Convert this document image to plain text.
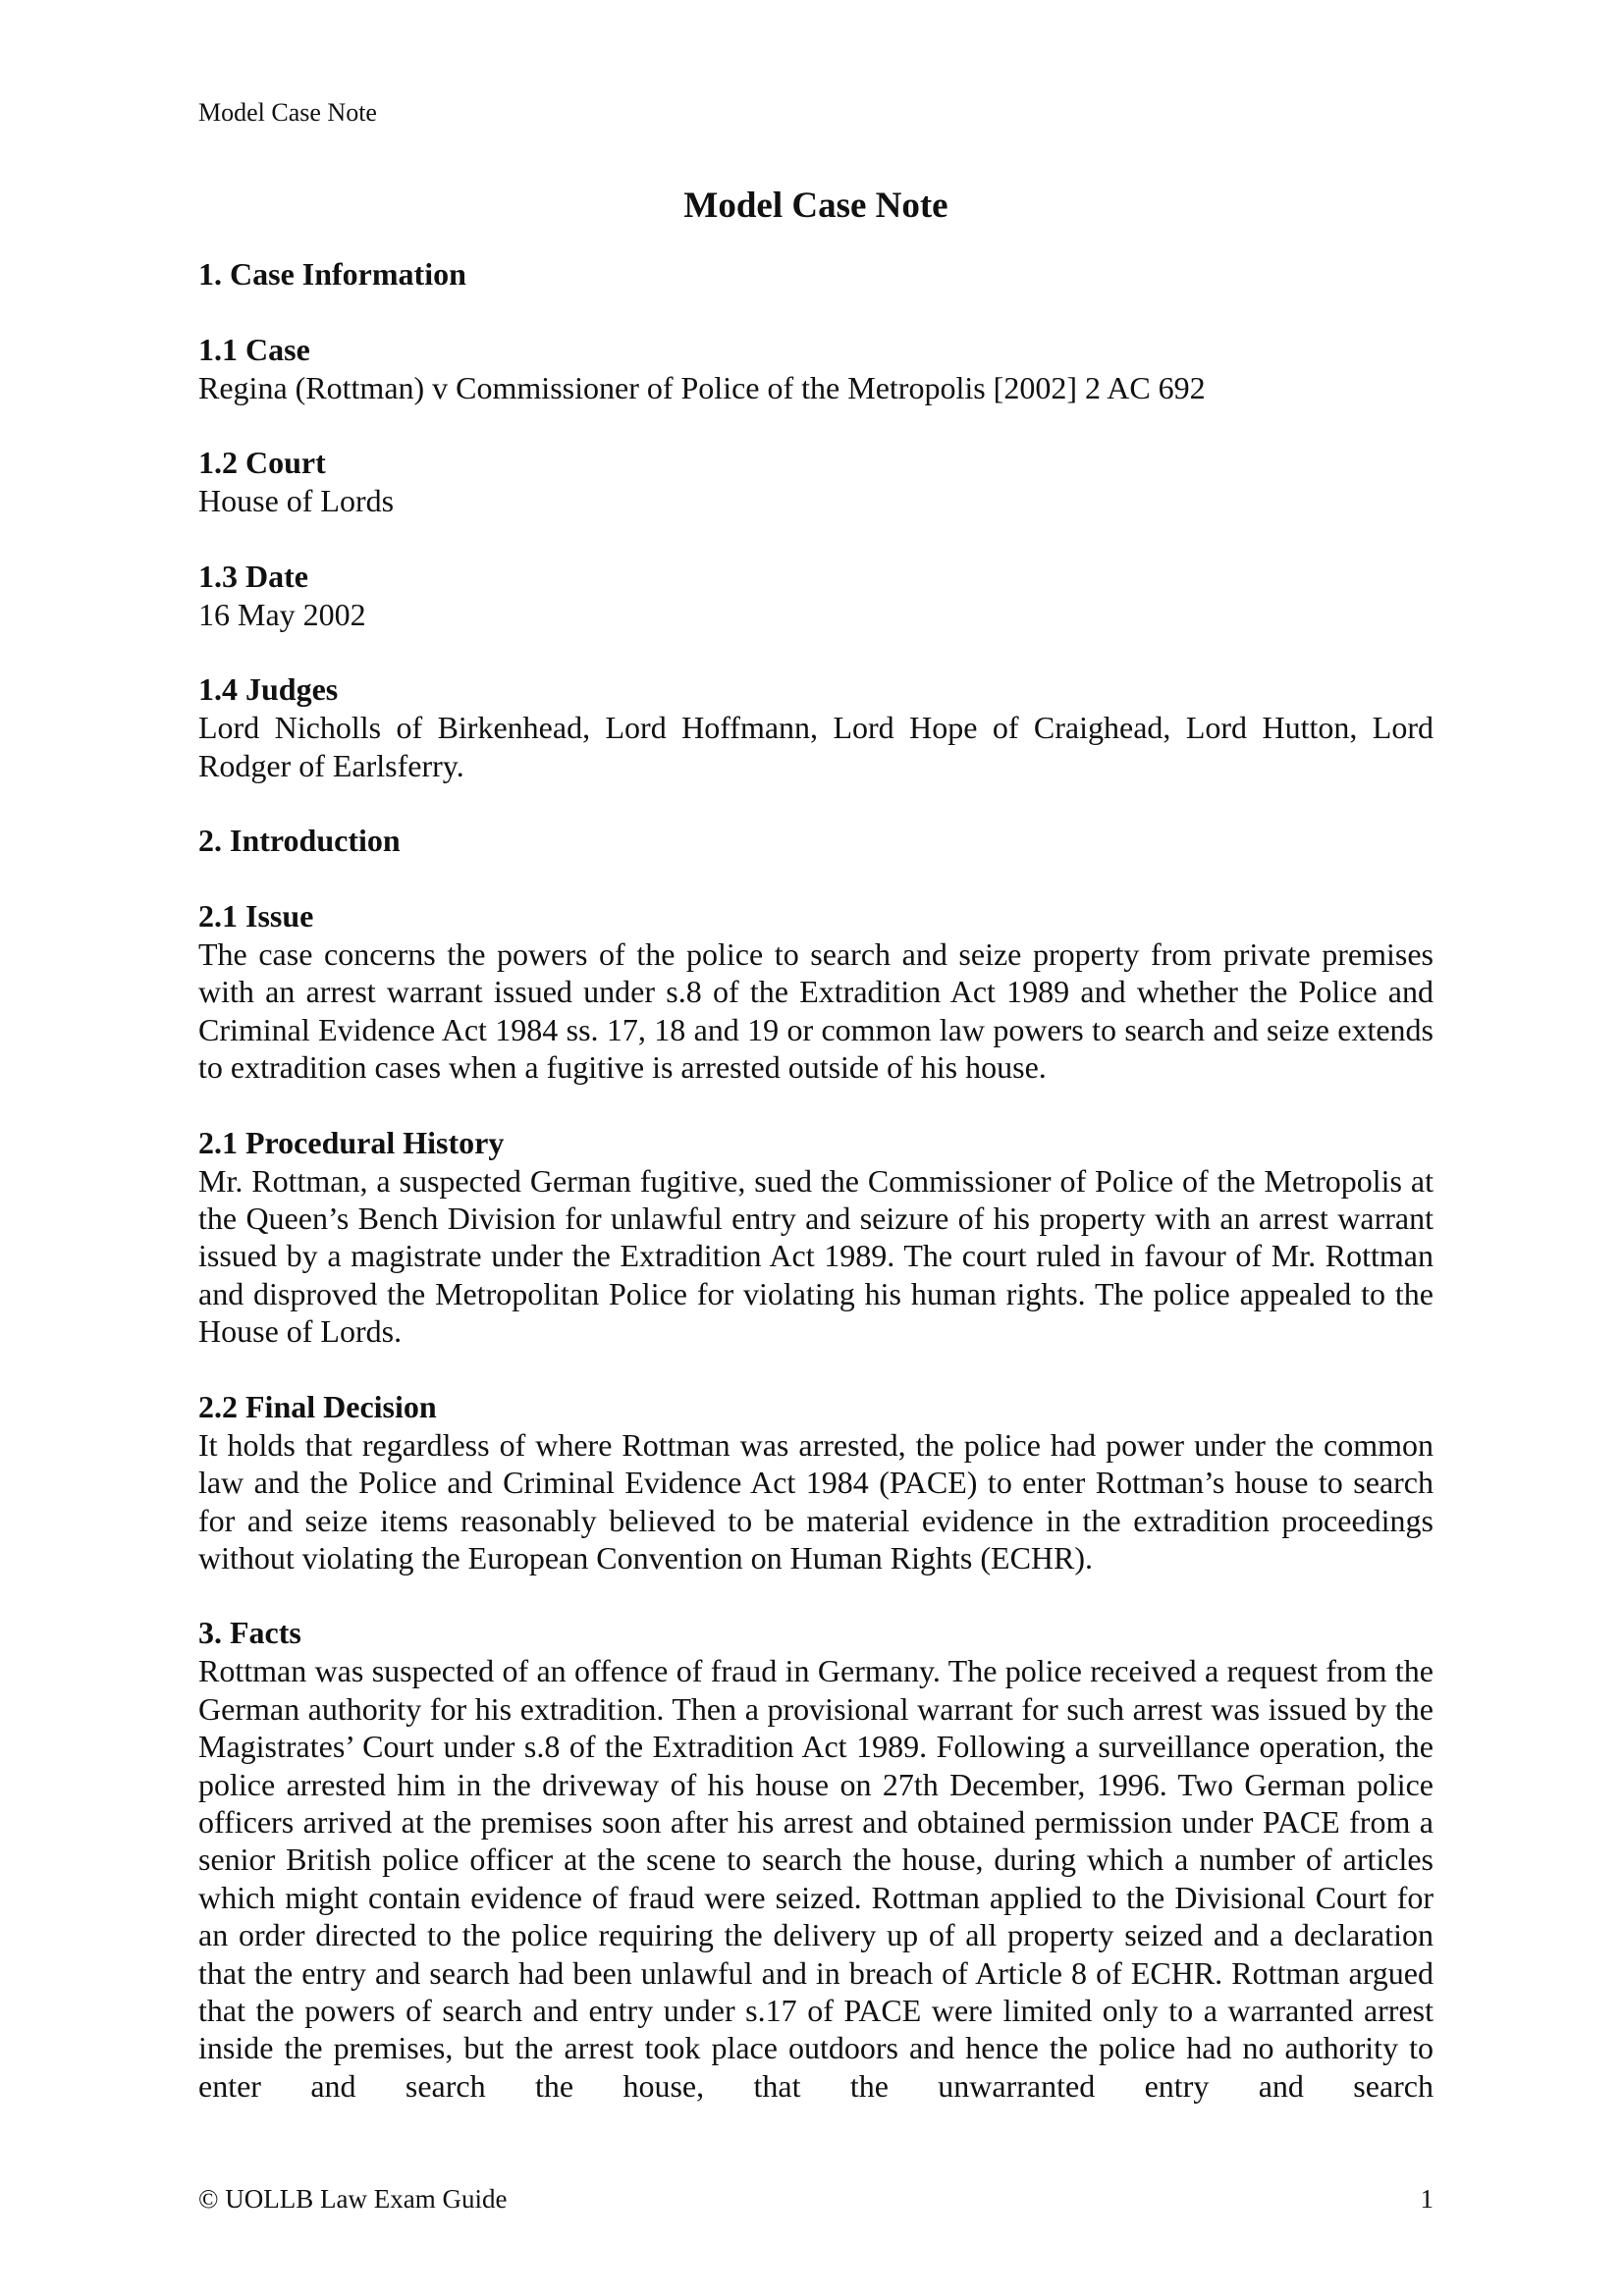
Model Case Note
Model Case Note
1. Case Information
1.1 Case

Regina (Rottman) v Commissioner of Police of the Metropolis [2002] 2 AC 692

1.2 Court

House of Lords

1.3 Date

16 May 2002

1.4 Judges

Lord Nicholls of Birkenhead, Lord Hoffmann, Lord Hope of Craighead, Lord Hutton, Lord Rodger of Earlsferry.

2. Introduction
2.1 Issue

The case concerns the powers of the police to search and seize property from private premises with an arrest warrant issued under s.8 of the Extradition Act 1989 and whether the Police and Criminal Evidence Act 1984 ss. 17, 18 and 19 or common law powers to search and seize extends to extradition cases when a fugitive is arrested outside of his house.

2.1 Procedural History

Mr. Rottman, a suspected German fugitive, sued the Commissioner of Police of the Metropolis at the Queen’s Bench Division for unlawful entry and seizure of his property with an arrest warrant issued by a magistrate under the Extradition Act 1989. The court ruled in favour of Mr. Rottman and disproved the Metropolitan Police for violating his human rights. The police appealed to the House of Lords.

2.2 Final Decision

It holds that regardless of where Rottman was arrested, the police had power under the common law and the Police and Criminal Evidence Act 1984 (PACE) to enter Rottman’s house to search for and seize items reasonably believed to be material evidence in the extradition proceedings without violating the European Convention on Human Rights (ECHR).

3. Facts

Rottman was suspected of an offence of fraud in Germany. The police received a request from the German authority for his extradition. Then a provisional warrant for such arrest was issued by the Magistrates’ Court under s.8 of the Extradition Act 1989. Following a surveillance operation, the police arrested him in the driveway of his house on 27th December, 1996. Two German police officers arrived at the premises soon after his arrest and obtained permission under PACE from a senior British police officer at the scene to search the house, during which a number of articles which might contain evidence of fraud were seized. Rottman applied to the Divisional Court for an order directed to the police requiring the delivery up of all property seized and a declaration that the entry and search had been unlawful and in breach of Article 8 of ECHR. Rottman argued that the powers of search and entry under s.17 of PACE were limited only to a warranted arrest inside the premises, but the arrest took place outdoors and hence the police had no authority to enter and search the house, that the unwarranted entry and search

© UOLLB Law Exam Guide	1
